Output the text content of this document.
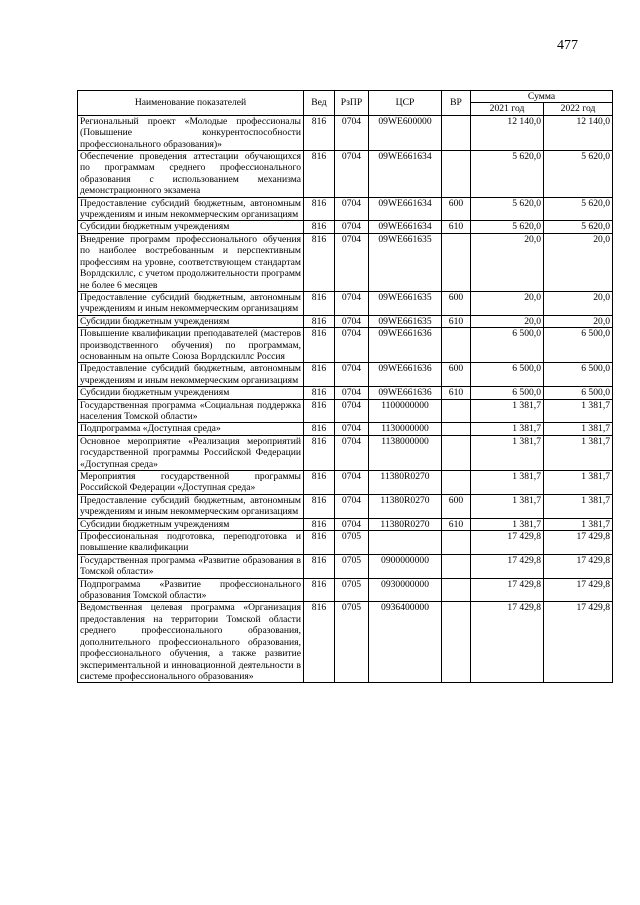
477
Наименование показателей	Вед	РзПР	ЦСР	ВР	Сумма	
					2021 год	2022 год
Региональный проект «Молодые профессионалы (Повышение конкурентоспособности профессионального образования)»	816	0704	09WE600000		12 140,0	12 140,0
Обеспечение проведения аттестации обучающихся по программам среднего профессионального образования с использованием механизма демонстрационного экзамена	816	0704	09WE661634		5 620,0	5 620,0
Предоставление субсидий бюджетным, автономным учреждениям и иным некоммерческим организациям	816	0704	09WE661634	600	5 620,0	5 620,0
Субсидии бюджетным учреждениям	816	0704	09WE661634	610	5 620,0	5 620,0
Внедрение программ профессионального обучения по наиболее востребованным и перспективным профессиям на уровне, соответствующем стандартам Ворлдскиллс, с учетом продолжительности программ не более 6 месяцев	816	0704	09WE661635		20,0	20,0
Предоставление субсидий бюджетным, автономным учреждениям и иным некоммерческим организациям	816	0704	09WE661635	600	20,0	20,0
Субсидии бюджетным учреждениям	816	0704	09WE661635	610	20,0	20,0
Повышение квалификации преподавателей (мастеров производственного обучения) по программам, основанным на опыте Союза Ворлдскиллс Россия	816	0704	09WE661636		6 500,0	6 500,0
Предоставление субсидий бюджетным, автономным учреждениям и иным некоммерческим организациям	816	0704	09WE661636	600	6 500,0	6 500,0
Субсидии бюджетным учреждениям	816	0704	09WE661636	610	6 500,0	6 500,0
Государственная программа «Социальная поддержка населения Томской области»	816	0704	1100000000		1 381,7	1 381,7
Подпрограмма «Доступная среда»	816	0704	1130000000		1 381,7	1 381,7
Основное мероприятие «Реализация мероприятий государственной программы Российской Федерации «Доступная среда»	816	0704	1138000000		1 381,7	1 381,7
Мероприятия государственной программы Российской Федерации «Доступная среда»	816	0704	11380R0270		1 381,7	1 381,7
Предоставление субсидий бюджетным, автономным учреждениям и иным некоммерческим организациям	816	0704	11380R0270	600	1 381,7	1 381,7
Субсидии бюджетным учреждениям	816	0704	11380R0270	610	1 381,7	1 381,7
Профессиональная подготовка, переподготовка и повышение квалификации	816	0705			17 429,8	17 429,8
Государственная программа «Развитие образования в Томской области»	816	0705	0900000000		17 429,8	17 429,8
Подпрограмма «Развитие профессионального образования Томской области»	816	0705	0930000000		17 429,8	17 429,8
Ведомственная целевая программа «Организация предоставления на территории Томской области среднего профессионального образования, дополнительного профессионального образования, профессионального обучения, а также развитие экспериментальной и инновационной деятельности в системе профессионального образования»	816	0705	0936400000		17 429,8	17 429,8
